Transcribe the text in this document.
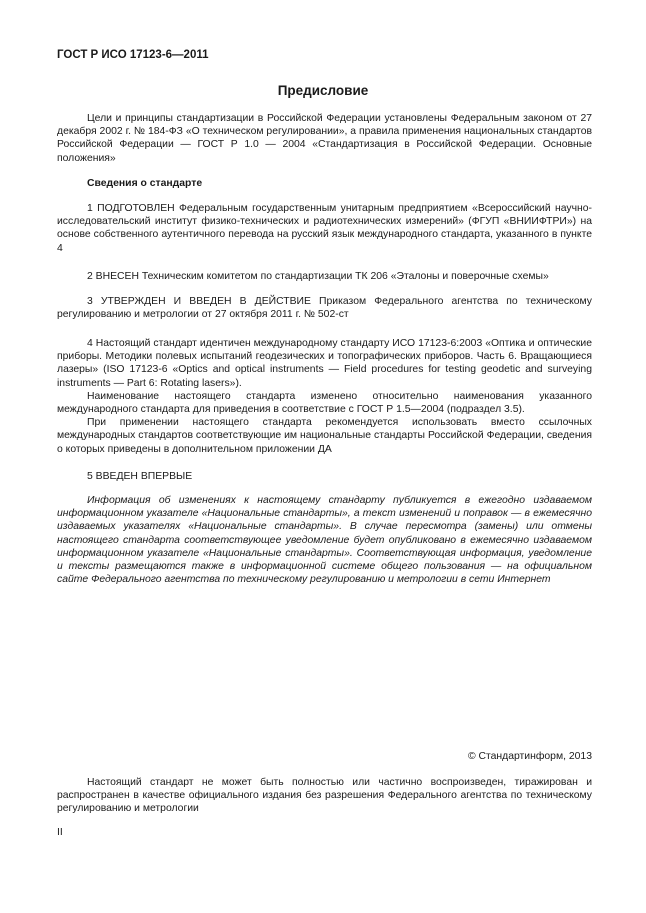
ГОСТ Р ИСО 17123-6—2011
Предисловие

Цели и принципы стандартизации в Российской Федерации установлены Федеральным законом от 27 декабря 2002 г. № 184-ФЗ «О техническом регулировании», а правила применения национальных стандартов Российской Федерации — ГОСТ Р 1.0 — 2004 «Стандартизация в Российской Федерации. Основные положения»

Сведения о стандарте

1 ПОДГОТОВЛЕН Федеральным государственным унитарным предприятием «Всероссийский научно-исследовательский институт физико-технических и радиотехнических измерений» (ФГУП «ВНИИФТРИ») на основе собственного аутентичного перевода на русский язык международного стандарта, указанного в пункте 4

2 ВНЕСЕН Техническим комитетом по стандартизации ТК 206 «Эталоны и поверочные схемы»

3 УТВЕРЖДЕН И ВВЕДЕН В ДЕЙСТВИЕ Приказом Федерального агентства по техническому регулированию и метрологии от 27 октября 2011 г. № 502-ст

4 Настоящий стандарт идентичен международному стандарту ИСО 17123-6:2003 «Оптика и оптические приборы. Методики полевых испытаний геодезических и топографических приборов. Часть 6. Вращающиеся лазеры» (ISO 17123-6 «Optics and optical instruments — Field procedures for testing geodetic and surveying instruments — Part 6: Rotating lasers»).

Наименование настоящего стандарта изменено относительно наименования указанного международного стандарта для приведения в соответствие с ГОСТ Р 1.5—2004 (подраздел 3.5).

При применении настоящего стандарта рекомендуется использовать вместо ссылочных международных стандартов соответствующие им национальные стандарты Российской Федерации, сведения о которых приведены в дополнительном приложении ДА

5 ВВЕДЕН ВПЕРВЫЕ

Информация об изменениях к настоящему стандарту публикуется в ежегодно издаваемом информационном указателе «Национальные стандарты», а текст изменений и поправок — в ежемесячно издаваемых указателях «Национальные стандарты». В случае пересмотра (замены) или отмены настоящего стандарта соответствующее уведомление будет опубликовано в ежемесячно издаваемом информационном указателе «Национальные стандарты». Соответствующая информация, уведомление и тексты размещаются также в информационной системе общего пользования — на официальном сайте Федерального агентства по техническому регулированию и метрологии в сети Интернет

© Стандартинформ, 2013

Настоящий стандарт не может быть полностью или частично воспроизведен, тиражирован и распространен в качестве официального издания без разрешения Федерального агентства по техническому регулированию и метрологии

II
